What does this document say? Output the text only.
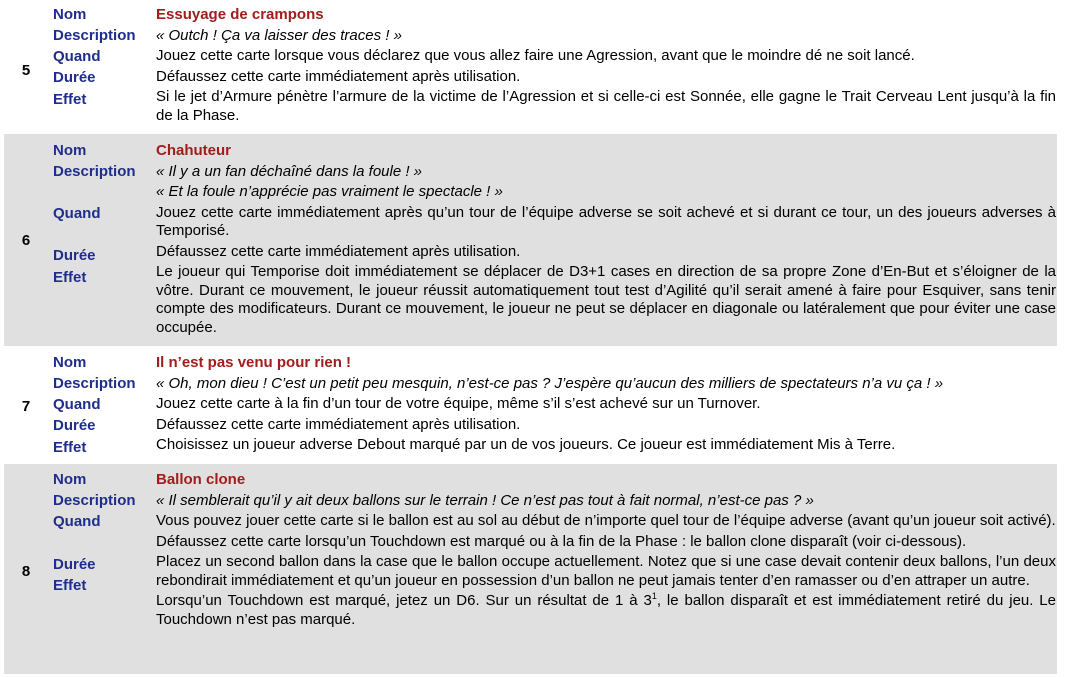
5
Nom
Description
Quand
Durée
Effet
Essuyage de crampons
« Outch ! Ça va laisser des traces ! »
Jouez cette carte lorsque vous déclarez que vous allez faire une Agression, avant que le moindre dé ne soit lancé.
Défaussez cette carte immédiatement après utilisation.
Si le jet d’Armure pénètre l’armure de la victime de l’Agression et si celle-ci est Sonnée, elle gagne le Trait Cerveau Lent jusqu’à la fin de la Phase.
6
Nom
Description
Quand
Durée
Effet
Chahuteur
« Il y a un fan déchaîné dans la foule ! »
« Et la foule n’apprécie pas vraiment le spectacle ! »
Jouez cette carte immédiatement après qu’un tour de l’équipe adverse se soit achevé et si durant ce tour, un des joueurs adverses à Temporisé.
Défaussez cette carte immédiatement après utilisation.
Le joueur qui Temporise doit immédiatement se déplacer de D3+1 cases en direction de sa propre Zone d’En-But et s’éloigner de la vôtre. Durant ce mouvement, le joueur réussit automatiquement tout test d’Agilité qu’il serait amené à faire pour Esquiver, sans tenir compte des modificateurs. Durant ce mouvement, le joueur ne peut se déplacer en diagonale ou latéralement que pour éviter une case occupée.
7
Nom
Description
Quand
Durée
Effet
Il n’est pas venu pour rien !
« Oh, mon dieu ! C’est un petit peu mesquin, n’est-ce pas ? J’espère qu’aucun des milliers de spectateurs n’a vu ça ! »
Jouez cette carte à la fin d’un tour de votre équipe, même s’il s’est achevé sur un Turnover.
Défaussez cette carte immédiatement après utilisation.
Choisissez un joueur adverse Debout marqué par un de vos joueurs. Ce joueur est immédiatement Mis à Terre.
8
Nom
Description
Quand
Durée
Effet
Ballon clone
« Il semblerait qu’il y ait deux ballons sur le terrain ! Ce n’est pas tout à fait normal, n’est-ce pas ? »
Vous pouvez jouer cette carte si le ballon est au sol au début de n’importe quel tour de l’équipe adverse (avant qu’un joueur soit activé).
Défaussez cette carte lorsqu’un Touchdown est marqué ou à la fin de la Phase : le ballon clone disparaît (voir ci-dessous).
Placez un second ballon dans la case que le ballon occupe actuellement. Notez que si une case devait contenir deux ballons, l’un deux rebondirait immédiatement et qu’un joueur en possession d’un ballon ne peut jamais tenter d’en ramasser ou d’en attraper un autre.
Lorsqu’un Touchdown est marqué, jetez un D6. Sur un résultat de 1 à $3^1$, le ballon disparaît et est immédiatement retiré du jeu. Le Touchdown n’est pas marqué.
